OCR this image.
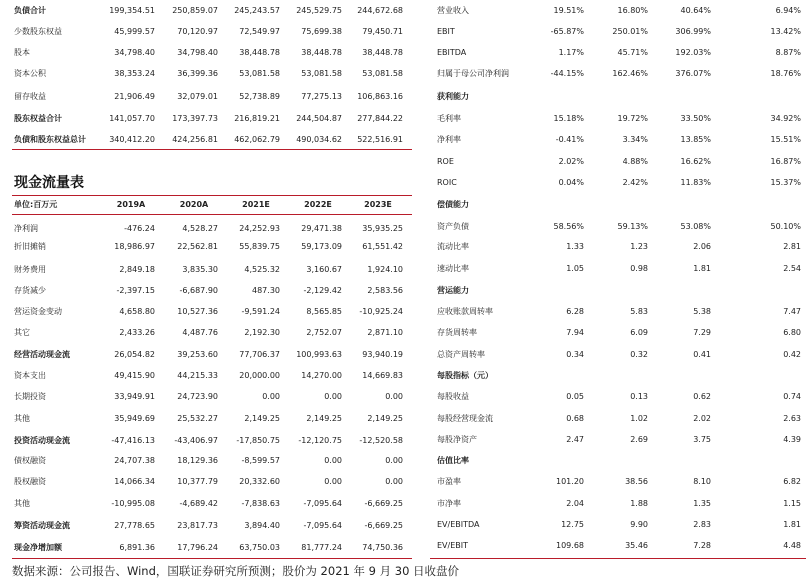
负债合计	199,354.51 250,859.07 245,243.57 245,529.75 244,672.68
少数股东权益	45,999.57	70,120.97	72,549.97	75,699.38	79,450.71
股本	34,798.40	34,798.40	38,448.78	38,448.78	38,448.78
资本公积	38,353.24	36,399.36	53,081.58	53,081.58	53,081.58
留存收益	21,906.49	32,079.01	52,738.89	77,275.13 106,863.16
股东权益合计	141,057.70 173,397.73 216,819.21 244,504.87 277,844.22
负债和股东权益总计	340,412.20 424,256.81 462,062.79 490,034.62 522,516.91
现金流量表
单位:百万元	2019A	2020A	2021E	2022E	2023E
净利润	-476.24	4,528.27	24,252.93	29,471.38	35,935.25
折旧摊销	18,986.97	22,562.81	55,839.75	59,173.09	61,551.42
财务费用	2,849.18	3,835.30	4,525.32	3,160.67	1,924.10
存货减少	-2,397.15	-6,687.90	487.30	-2,129.42	2,583.56
营运资金变动	4,658.80	10,527.36	-9,591.24	8,565.85 -10,925.24
其它	2,433.26	4,487.76	2,192.30	2,752.07	2,871.10
经营活动现金流	26,054.82	39,253.60	77,706.37 100,993.63	93,940.19
资本支出	49,415.90	44,215.33	20,000.00	14,270.00	14,669.83
长期投资	33,949.91	24,723.90	0.00	0.00	0.00
其他	35,949.69	25,532.27	2,149.25	2,149.25	2,149.25
投资活动现金流	-47,416.13 -43,406.97 -17,850.75 -12,120.75 -12,520.58
债权融资	24,707.38	18,129.36	-8,599.57	0.00	0.00
股权融资	14,066.34	10,377.79	20,332.60	0.00	0.00
其他	-10,995.08	-4,689.42	-7,838.63	-7,095.64	-6,669.25
筹资活动现金流	27,778.65	23,817.73	3,894.40	-7,095.64	-6,669.25
现金净增加额	6,891.36	17,796.24	63,750.03	81,777.24	74,750.36
营业收入	19.51%	16.80%	40.64%	6.94%
EBIT	-65.87%	250.01%	306.99%	13.42%
EBITDA	1.17%	45.71%	192.03%	8.87%
归属于母公司净利润	-44.15%	162.46%	376.07%	18.76%
获利能力
毛利率	15.18%	19.72%	33.50%	34.92%
净利率	-0.41%	3.34%	13.85%	15.51%
ROE	2.02%	4.88%	16.62%	16.87%
ROIC	0.04%	2.42%	11.83%	15.37%
偿债能力
资产负债	58.56%	59.13%	53.08%	50.10%
流动比率	1.33	1.23	2.06	2.81
速动比率	1.05	0.98	1.81	2.54
营运能力
应收账款周转率	6.28	5.83	5.38	7.47
存货周转率	7.94	6.09	7.29	6.80
总资产周转率	0.34	0.32	0.41	0.42
每股指标（元）
每股收益	0.05	0.13	0.62	0.74
每股经营现金流	0.68	1.02	2.02	2.63
每股净资产	2.47	2.69	3.75	4.39
估值比率
市盈率	101.20	38.56	8.10	6.82
市净率	2.04	1.88	1.35	1.15
EV/EBITDA	12.75	9.90	2.83	1.81
EV/EBIT	109.68	35.46	7.28	4.48
数据来源：公司报告、Wind，国联证券研究所预测；股价为 2021 年 9 月 30 日收盘价
